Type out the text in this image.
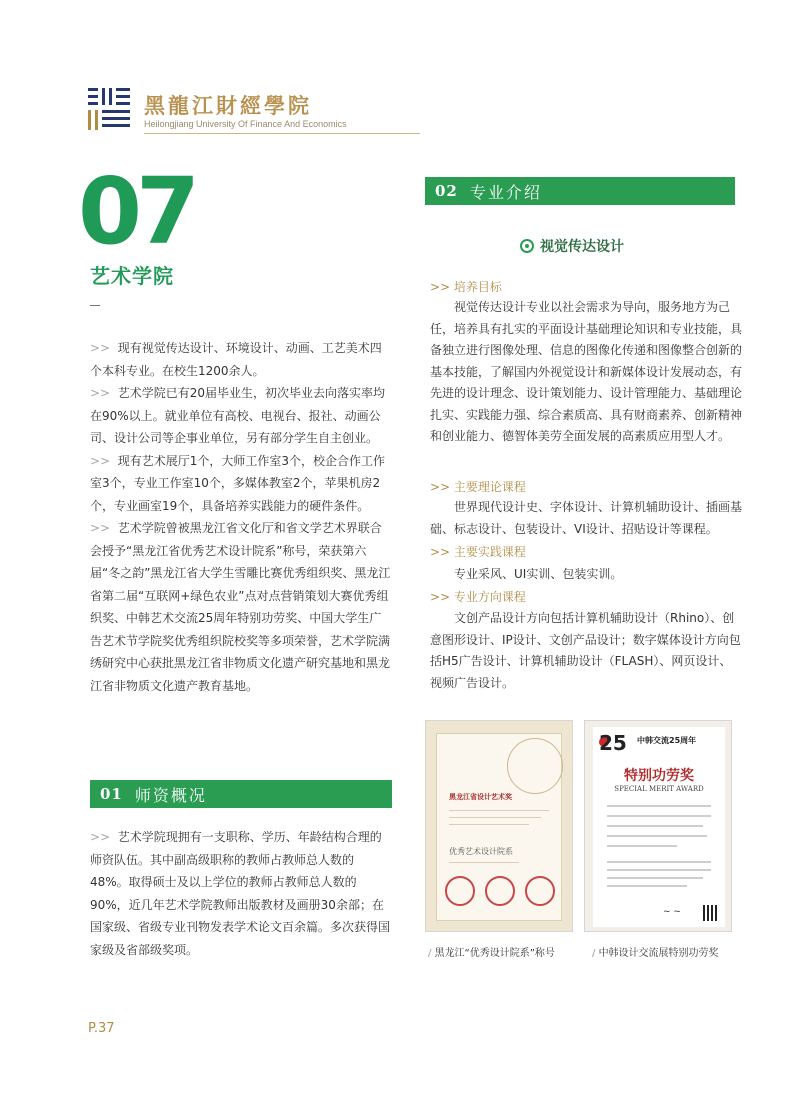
黑龍江財經學院
Heilongjiang University Of Finance And Economics
07
艺术学院

>> 现有视觉传达设计、环境设计、动画、工艺美术四个本科专业。在校生1200余人。

>> 艺术学院已有20届毕业生，初次毕业去向落实率均在90%以上。就业单位有高校、电视台、报社、动画公司、设计公司等企事业单位，另有部分学生自主创业。

>> 现有艺术展厅1个，大师工作室3个，校企合作工作室3个，专业工作室10个，多媒体教室2个，苹果机房2个，专业画室19个，具备培养实践能力的硬件条件。

>> 艺术学院曾被黑龙江省文化厅和省文学艺术界联合会授予“黑龙江省优秀艺术设计院系”称号，荣获第六届“冬之韵”黑龙江省大学生雪雕比赛优秀组织奖、黑龙江省第二届“互联网+绿色农业”点对点营销策划大赛优秀组织奖、中韩艺术交流25周年特别功劳奖、中国大学生广告艺术节学院奖优秀组织院校奖等多项荣誉，艺术学院满绣研究中心获批黑龙江省非物质文化遗产研究基地和黑龙江省非物质文化遗产教育基地。

01 师资概况

>> 艺术学院现拥有一支职称、学历、年龄结构合理的师资队伍。其中副高级职称的教师占教师总人数的48%。取得硕士及以上学位的教师占教师总人数的90%，近几年艺术学院教师出版教材及画册30余部；在国家级、省级专业刊物发表学术论文百余篇。多次获得国家级及省部级奖项。

02 专业介绍
视觉传达设计
>> 培养目标
视觉传达设计专业以社会需求为导向，服务地方为己任，培养具有扎实的平面设计基础理论知识和专业技能，具备独立进行图像处理、信息的图像化传递和图像整合创新的基本技能，了解国内外视觉设计和新媒体设计发展动态，有先进的设计理念、设计策划能力、设计管理能力、基础理论扎实、实践能力强、综合素质高、具有财商素养、创新精神和创业能力、德智体美劳全面发展的高素质应用型人才。
>> 主要理论课程
世界现代设计史、字体设计、计算机辅助设计、插画基础、标志设计、包装设计、VI设计、招贴设计等课程。
>> 主要实践课程
专业采风、UI实训、包装实训。
>> 专业方向课程
文创产品设计方向包括计算机辅助设计（Rhino）、创意图形设计、IP设计、文创产品设计；数字媒体设计方向包括H5广告设计、计算机辅助设计（FLASH）、网页设计、视频广告设计。
黑龙江省设计艺术奖
优秀艺术设计院系
25 中韩交流25周年
特别功劳奖
SPECIAL MERIT AWARD
~ ~
/ 黑龙江“优秀设计院系”称号	/ 中韩设计交流展特别功劳奖
P.37
